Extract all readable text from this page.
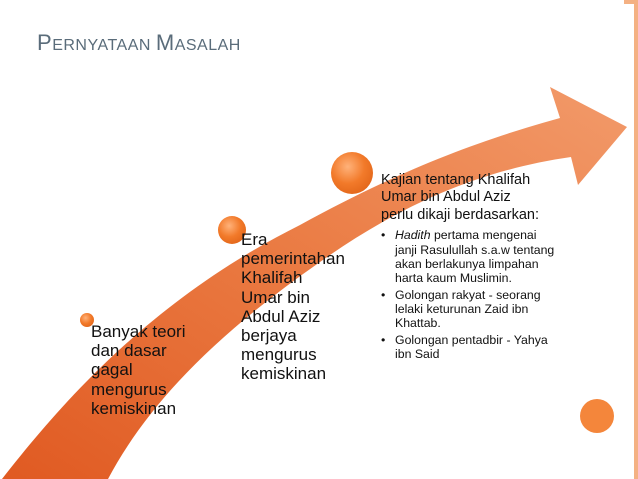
PERNYATAAN MASALAH
Banyak teori
dan dasar
gagal
mengurus
kemiskinan
Era
pemerintahan
Khalifah
Umar bin
Abdul Aziz
berjaya
mengurus
kemiskinan
Kajian tentang Khalifah
Umar bin Abdul Aziz
perlu dikaji berdasarkan:
• Hadith pertama mengenai
janji Rasulullah s.a.w tentang
akan berlakunya limpahan
harta kaum Muslimin.
• Golongan rakyat - seorang
lelaki keturunan Zaid ibn
Khattab.
• Golongan pentadbir - Yahya
ibn Said
